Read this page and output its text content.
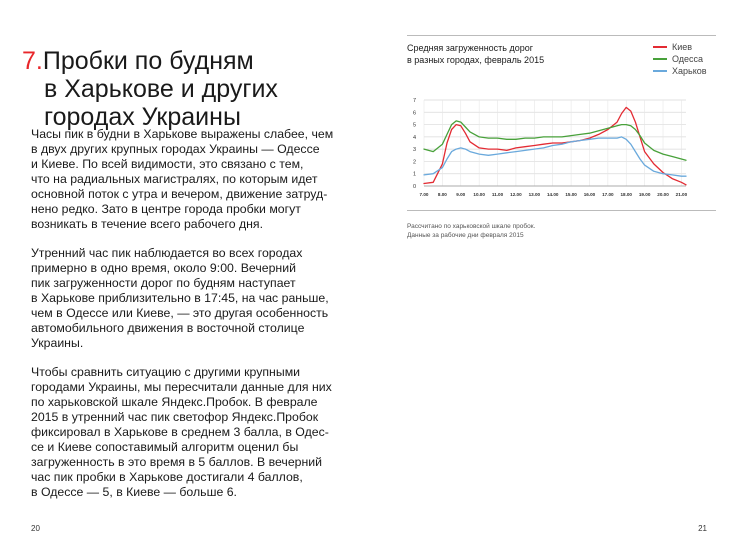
7.Пробки по будням
в Харькове и других
городах Украины

Часы пик в будни в Харькове выражены слабее, чем
в двух других крупных городах Украины — Одессе
и Киеве. По всей видимости, это связано с тем,
что на радиальных магистралях, по которым идет
основной поток с утра и вечером, движение затруд-
нено редко. Зато в центре города пробки могут
возникать в течение всего рабочего дня.

Утренний час пик наблюдается во всех городах
примерно в одно время, около 9:00. Вечерний
пик загруженности дорог по будням наступает
в Харькове приблизительно в 17:45, на час раньше,
чем в Одессе или Киеве, — это другая особенность
автомобильного движения в восточной столице
Украины.

Чтобы сравнить ситуацию с другими крупными
городами Украины, мы пересчитали данные для них
по харьковской шкале Яндекс.Пробок. В феврале
2015 в утренний час пик светофор Яндекс.Пробок
фиксировал в Харькове в среднем 3 балла, в Одес-
се и Киеве сопоставимый алгоритм оценил бы
загруженность в это время в 5 баллов. В вечерний
час пик пробки в Харькове достигали 4 баллов,
в Одессе — 5, в Киеве — больше 6.

20
Средняя загруженность дорог
в разных городах, февраль 2015
Киев
Одесса
Харьков
0
1
2
3
4
5
6
7
7.00 8.00 9.00 10.00 11.00 12.00 13.00 14.00 15.00 16.00 17.00 18.00 19.00 20.00 21.00
Рассчитано по харьковской шкале пробок.
Данные за рабочие дни февраля 2015
21
